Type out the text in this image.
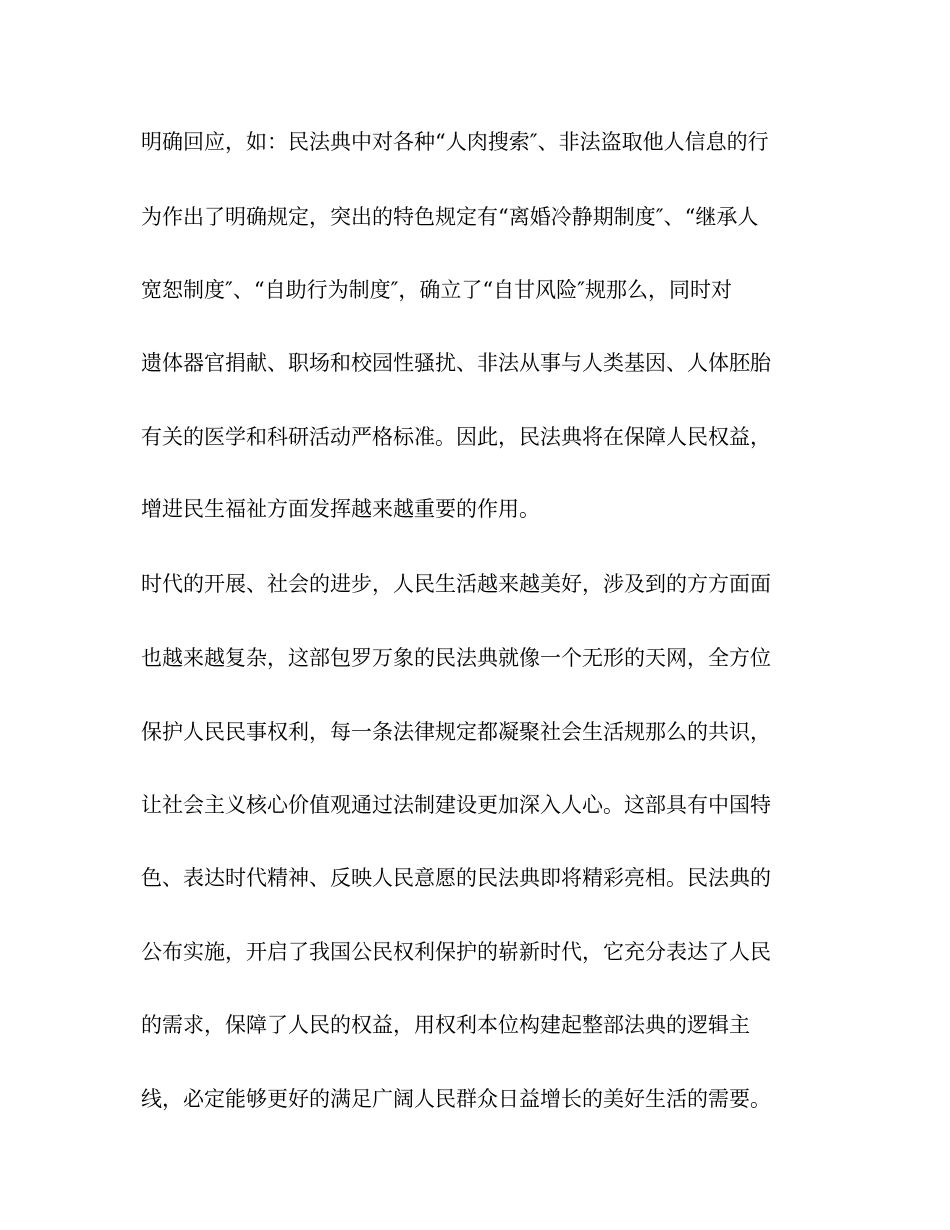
明确回应，如：民法典中对各种“人肉搜索″、非法盗取他人信息的行
为作出了明确规定，突出的特色规定有“离婚冷静期制度″、“继承人
宽恕制度″、“自助行为制度″，确立了“自甘风险″规那么，同时对
遗体器官捐献、职场和校园性骚扰、非法从事与人类基因、人体胚胎
有关的医学和科研活动严格标准。因此，民法典将在保障人民权益，
增进民生福祉方面发挥越来越重要的作用。
时代的开展、社会的进步，人民生活越来越美好，涉及到的方方面面
也越来越复杂，这部包罗万象的民法典就像一个无形的天网，全方位
保护人民民事权利，每一条法律规定都凝聚社会生活规那么的共识，
让社会主义核心价值观通过法制建设更加深入人心。这部具有中国特
色、表达时代精神、反映人民意愿的民法典即将精彩亮相。民法典的
公布实施，开启了我国公民权利保护的崭新时代，它充分表达了人民
的需求，保障了人民的权益，用权利本位构建起整部法典的逻辑主
线，必定能够更好的满足广阔人民群众日益增长的美好生活的需要。
